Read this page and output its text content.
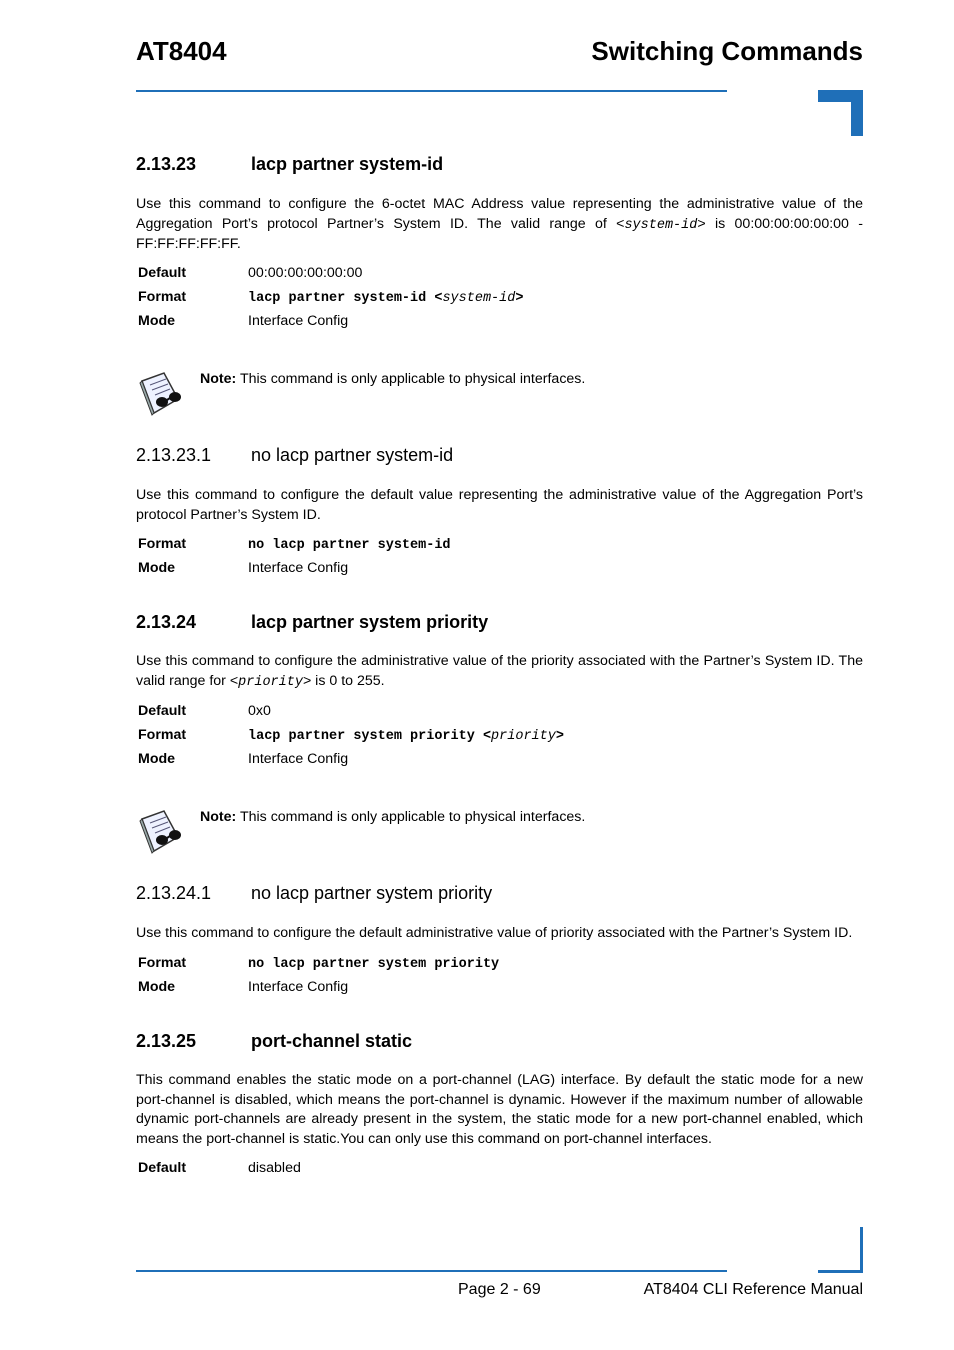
AT8404	Switching Commands
2.13.23	lacp partner system-id

Use this command to configure the 6-octet MAC Address value representing the administrative value of the Aggregation Port’s protocol Partner’s System ID. The valid range of <system-id> is 00:00:00:00:00:00 - FF:FF:FF:FF:FF.

Default	00:00:00:00:00:00
Format	lacp partner system-id <system-id>
Mode	Interface Config
Note: This command is only applicable to physical interfaces.
2.13.23.1 no lacp partner system-id

Use this command to configure the default value representing the administrative value of the Aggregation Port’s protocol Partner’s System ID.

Format	no lacp partner system-id
Mode	Interface Config
2.13.24	lacp partner system priority

Use this command to configure the administrative value of the priority associated with the Partner’s System ID. The valid range for <priority> is 0 to 255.

Default	0x0
Format	lacp partner system priority <priority>
Mode	Interface Config
Note: This command is only applicable to physical interfaces.
2.13.24.1 no lacp partner system priority

Use this command to configure the default administrative value of priority associated with the Partner’s System ID.

Format	no lacp partner system priority
Mode	Interface Config
2.13.25	port-channel static

This command enables the static mode on a port-channel (LAG) interface. By default the static mode for a new port-channel is disabled, which means the port-channel is dynamic. However if the maximum number of allowable dynamic port-channels are already present in the system, the static mode for a new port-channel enabled, which means the port-channel is static.You can only use this command on port-channel interfaces.

Default	disabled
Page 2 - 69	AT8404 CLI Reference Manual
